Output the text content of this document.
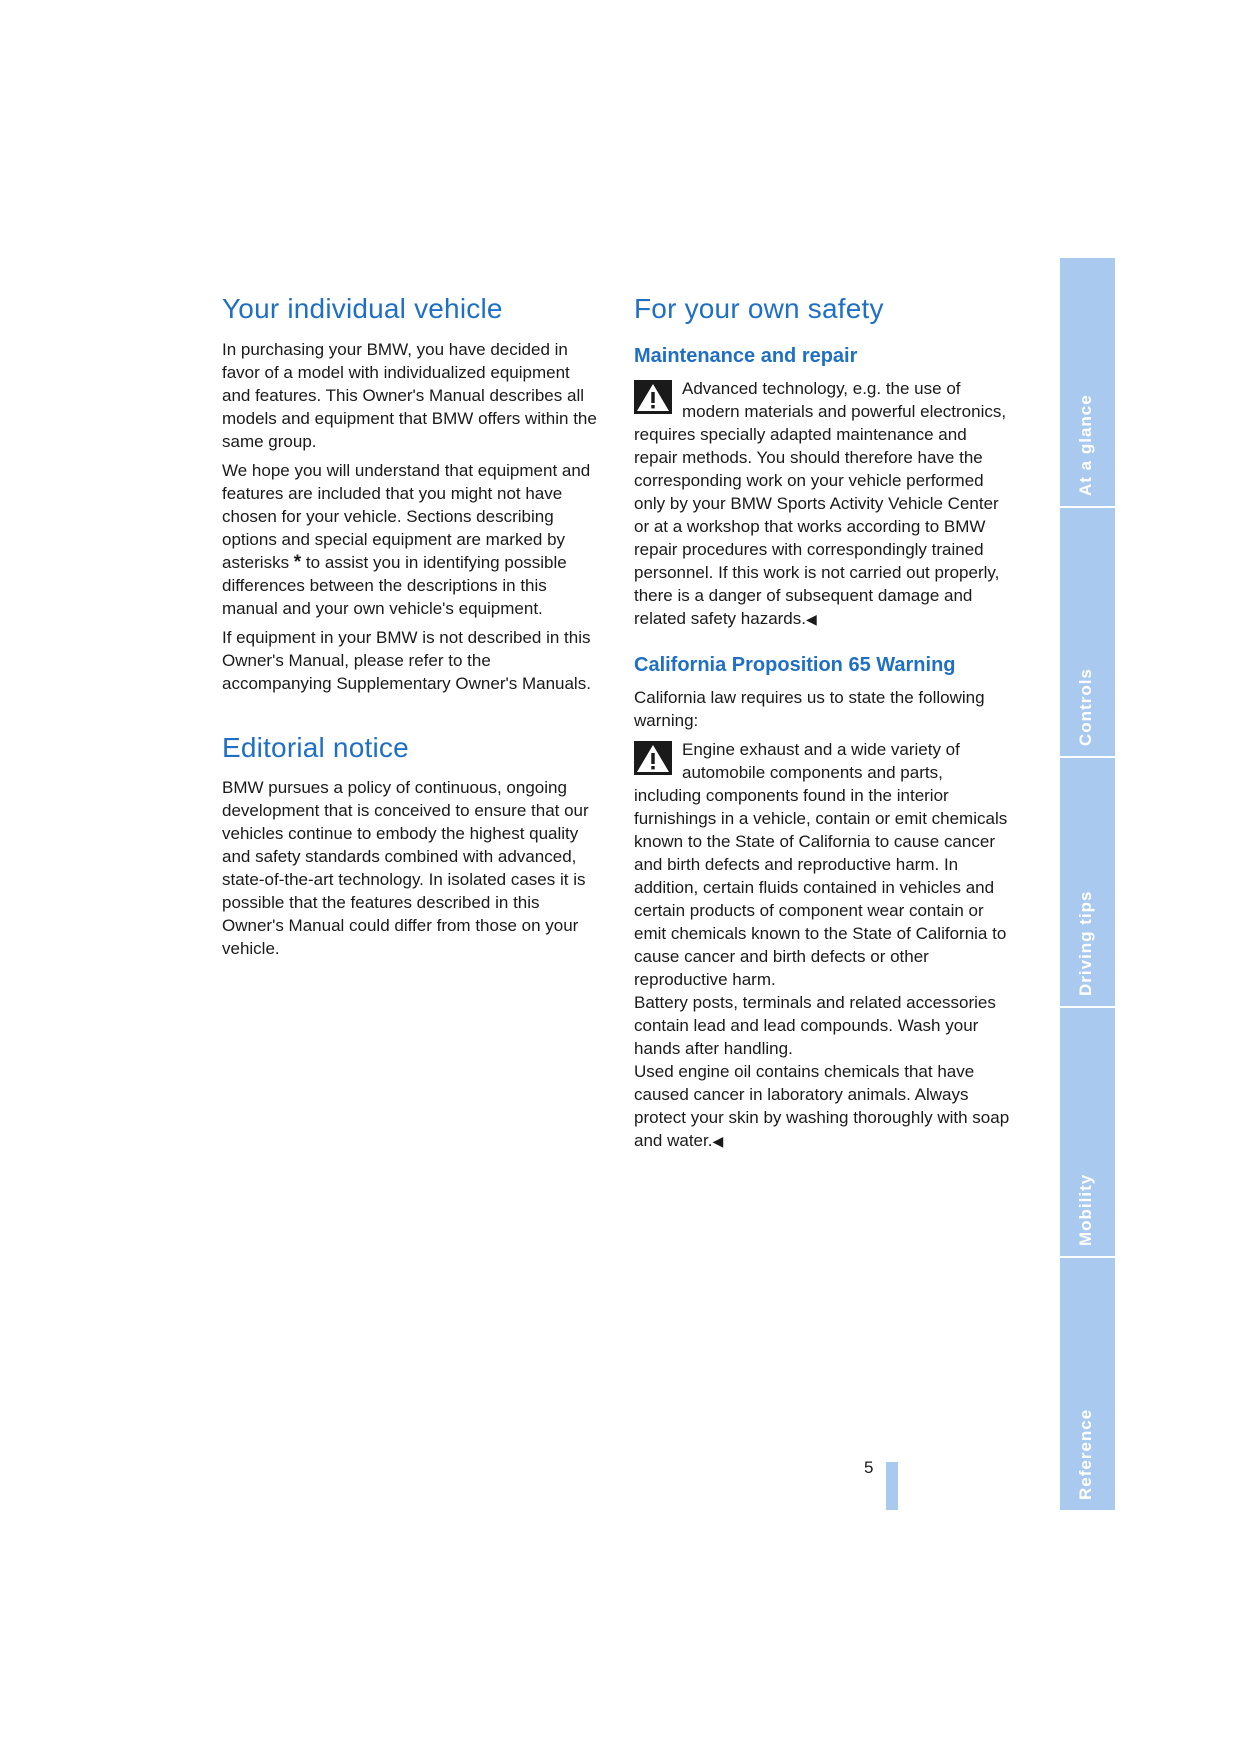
Your individual vehicle

In purchasing your BMW, you have decided in favor of a model with individualized equipment and features. This Owner's Manual describes all models and equipment that BMW offers within the same group.

We hope you will understand that equipment and features are included that you might not have chosen for your vehicle. Sections describing options and special equipment are marked by asterisks * to assist you in identifying possible differences between the descriptions in this manual and your own vehicle's equipment.

If equipment in your BMW is not described in this Owner's Manual, please refer to the accompanying Supplementary Owner's Manuals.

Editorial notice

BMW pursues a policy of continuous, ongoing development that is conceived to ensure that our vehicles continue to embody the highest quality and safety standards combined with advanced, state-of-the-art technology. In isolated cases it is possible that the features described in this Owner's Manual could differ from those on your vehicle.

For your own safety
Maintenance and repair

Advanced technology, e.g. the use of modern materials and powerful electronics, requires specially adapted maintenance and repair methods. You should therefore have the corresponding work on your vehicle performed only by your BMW Sports Activity Vehicle Center or at a workshop that works according to BMW repair procedures with correspondingly trained personnel. If this work is not carried out properly, there is a danger of subsequent damage and related safety hazards.◀

California Proposition 65 Warning

California law requires us to state the following warning:

Engine exhaust and a wide variety of automobile components and parts, including components found in the interior furnishings in a vehicle, contain or emit chemicals known to the State of California to cause cancer and birth defects and reproductive harm. In addition, certain fluids contained in vehicles and certain products of component wear contain or emit chemicals known to the State of California to cause cancer and birth defects or other reproductive harm.

Battery posts, terminals and related accessories contain lead and lead compounds. Wash your hands after handling.

Used engine oil contains chemicals that have caused cancer in laboratory animals. Always protect your skin by washing thoroughly with soap and water.◀

At a glance
Controls
Driving tips
Mobility
Reference
5
